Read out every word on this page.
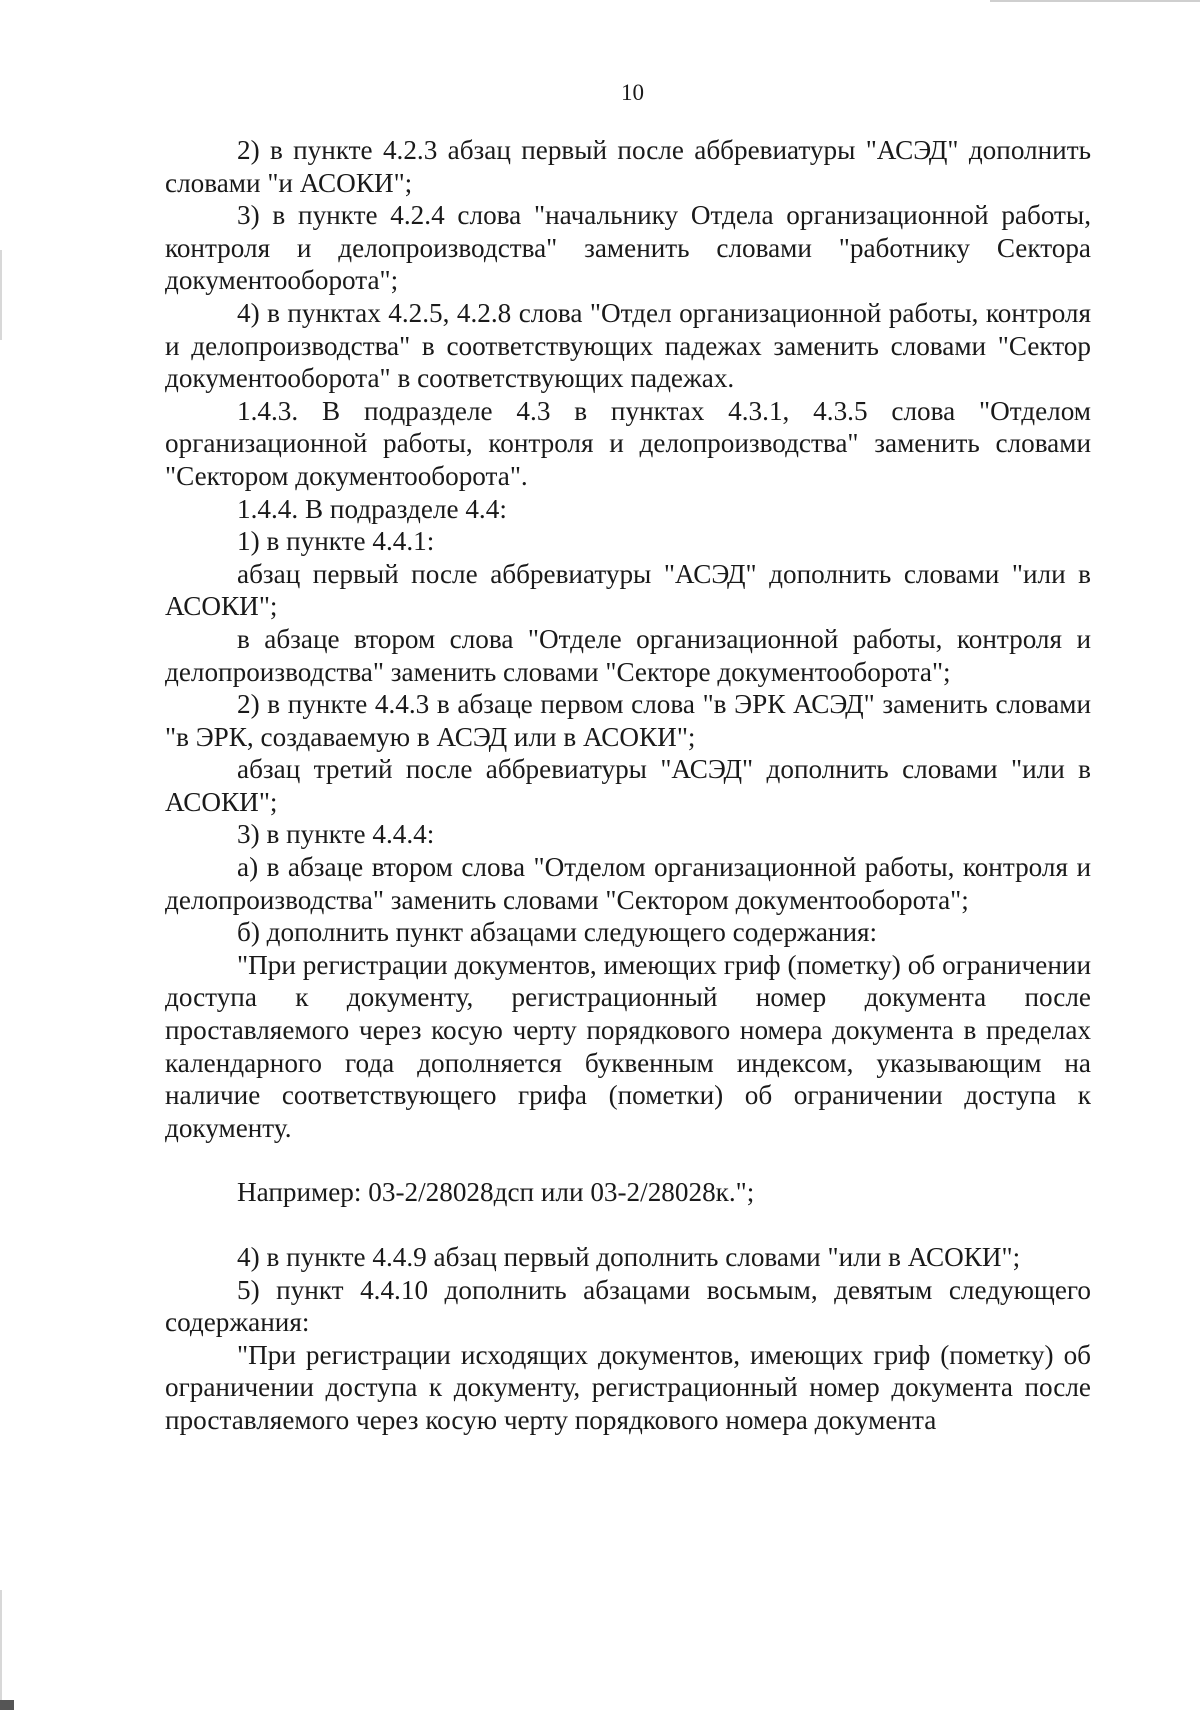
10

2) в пункте 4.2.3 абзац первый после аббревиатуры "АСЭД" дополнить словами "и АСОКИ";

3) в пункте 4.2.4 слова "начальнику Отдела организационной работы, контроля и делопроизводства" заменить словами "работнику Сектора документооборота";

4) в пунктах 4.2.5, 4.2.8 слова "Отдел организационной работы, контроля и делопроизводства" в соответствующих падежах заменить словами "Сектор документооборота" в соответствующих падежах.

1.4.3. В подразделе 4.3 в пунктах 4.3.1, 4.3.5 слова "Отделом организационной работы, контроля и делопроизводства" заменить словами "Сектором документооборота".

1.4.4. В подразделе 4.4:

1) в пункте 4.4.1:

абзац первый после аббревиатуры "АСЭД" дополнить словами "или в АСОКИ";

в абзаце втором слова "Отделе организационной работы, контроля и делопроизводства" заменить словами "Секторе документооборота";

2) в пункте 4.4.3 в абзаце первом слова "в ЭРК АСЭД" заменить словами "в ЭРК, создаваемую в АСЭД или в АСОКИ";

абзац третий после аббревиатуры "АСЭД" дополнить словами "или в АСОКИ";

3) в пункте 4.4.4:

а) в абзаце втором слова "Отделом организационной работы, контроля и делопроизводства" заменить словами "Сектором документооборота";

б) дополнить пункт абзацами следующего содержания:

"При регистрации документов, имеющих гриф (пометку) об ограничении доступа к документу, регистрационный номер документа после проставляемого через косую черту порядкового номера документа в пределах календарного года дополняется буквенным индексом, указывающим на наличие соответствующего грифа (пометки) об ограничении доступа к документу.

Например: 03-2/28028дсп или 03-2/28028к.";

4) в пункте 4.4.9 абзац первый дополнить словами "или в АСОКИ";

5) пункт 4.4.10 дополнить абзацами восьмым, девятым следующего содержания:

"При регистрации исходящих документов, имеющих гриф (пометку) об ограничении доступа к документу, регистрационный номер документа после проставляемого через косую черту порядкового номера документа
